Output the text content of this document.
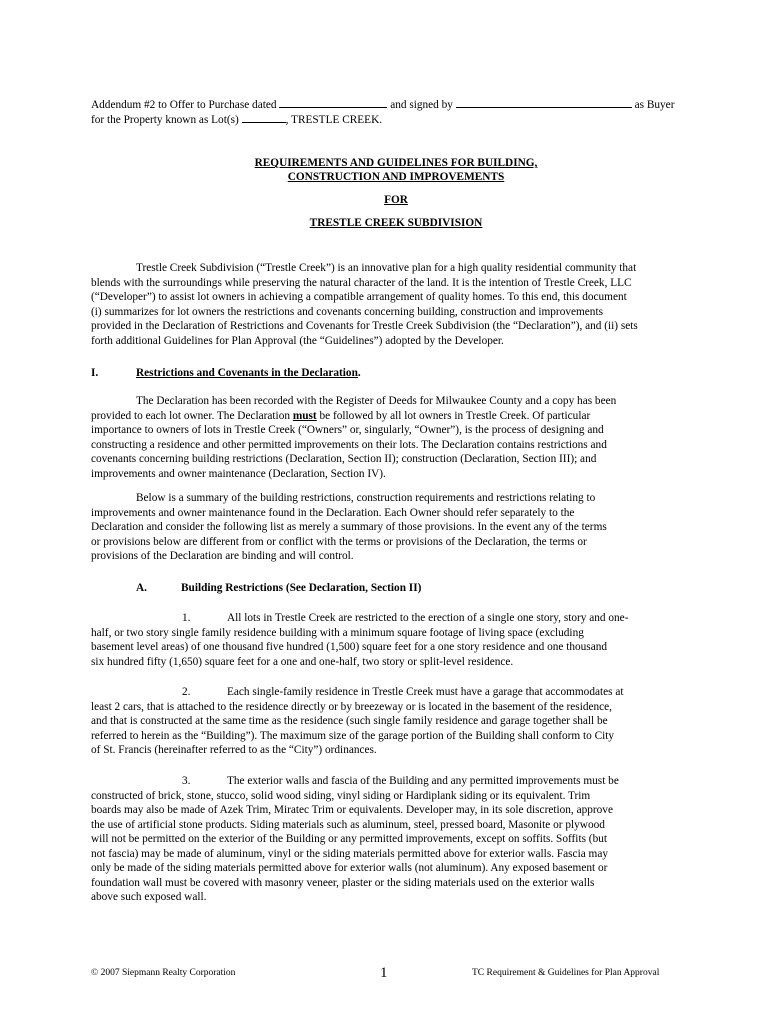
Addendum #2 to Offer to Purchase dated	and signed by	as Buyer
for the Property known as Lot(s)	, TRESTLE CREEK.
REQUIREMENTS AND GUIDELINES FOR BUILDING,
CONSTRUCTION AND IMPROVEMENTS
FOR
TRESTLE CREEK SUBDIVISION
Trestle Creek Subdivision (“Trestle Creek”) is an innovative plan for a high quality residential community that
blends with the surroundings while preserving the natural character of the land. It is the intention of Trestle Creek, LLC
(“Developer”) to assist lot owners in achieving a compatible arrangement of quality homes. To this end, this document
(i) summarizes for lot owners the restrictions and covenants concerning building, construction and improvements
provided in the Declaration of Restrictions and Covenants for Trestle Creek Subdivision (the “Declaration”), and (ii) sets
forth additional Guidelines for Plan Approval (the “Guidelines”) adopted by the Developer.
I.	Restrictions and Covenants in the Declaration.
The Declaration has been recorded with the Register of Deeds for Milwaukee County and a copy has been
provided to each lot owner. The Declaration must be followed by all lot owners in Trestle Creek. Of particular
importance to owners of lots in Trestle Creek (“Owners” or, singularly, “Owner”), is the process of designing and
constructing a residence and other permitted improvements on their lots. The Declaration contains restrictions and
covenants concerning building restrictions (Declaration, Section II); construction (Declaration, Section III); and
improvements and owner maintenance (Declaration, Section IV).
Below is a summary of the building restrictions, construction requirements and restrictions relating to
improvements and owner maintenance found in the Declaration. Each Owner should refer separately to the
Declaration and consider the following list as merely a summary of those provisions. In the event any of the terms
or provisions below are different from or conflict with the terms or provisions of the Declaration, the terms or
provisions of the Declaration are binding and will control.
A.	Building Restrictions (See Declaration, Section II)
1.	All lots in Trestle Creek are restricted to the erection of a single one story, story and one-
half, or two story single family residence building with a minimum square footage of living space (excluding
basement level areas) of one thousand five hundred (1,500) square feet for a one story residence and one thousand
six hundred fifty (1,650) square feet for a one and one-half, two story or split-level residence.
2.	Each single-family residence in Trestle Creek must have a garage that accommodates at
least 2 cars, that is attached to the residence directly or by breezeway or is located in the basement of the residence,
and that is constructed at the same time as the residence (such single family residence and garage together shall be
referred to herein as the “Building”). The maximum size of the garage portion of the Building shall conform to City
of St. Francis (hereinafter referred to as the “City”) ordinances.
3.	The exterior walls and fascia of the Building and any permitted improvements must be
constructed of brick, stone, stucco, solid wood siding, vinyl siding or Hardiplank siding or its equivalent. Trim
boards may also be made of Azek Trim, Miratec Trim or equivalents. Developer may, in its sole discretion, approve
the use of artificial stone products. Siding materials such as aluminum, steel, pressed board, Masonite or plywood
will not be permitted on the exterior of the Building or any permitted improvements, except on soffits. Soffits (but
not fascia) may be made of aluminum, vinyl or the siding materials permitted above for exterior walls. Fascia may
only be made of the siding materials permitted above for exterior walls (not aluminum). Any exposed basement or
foundation wall must be covered with masonry veneer, plaster or the siding materials used on the exterior walls
above such exposed wall.
© 2007 Siepmann Realty Corporation	1	TC Requirement & Guidelines for Plan Approval
